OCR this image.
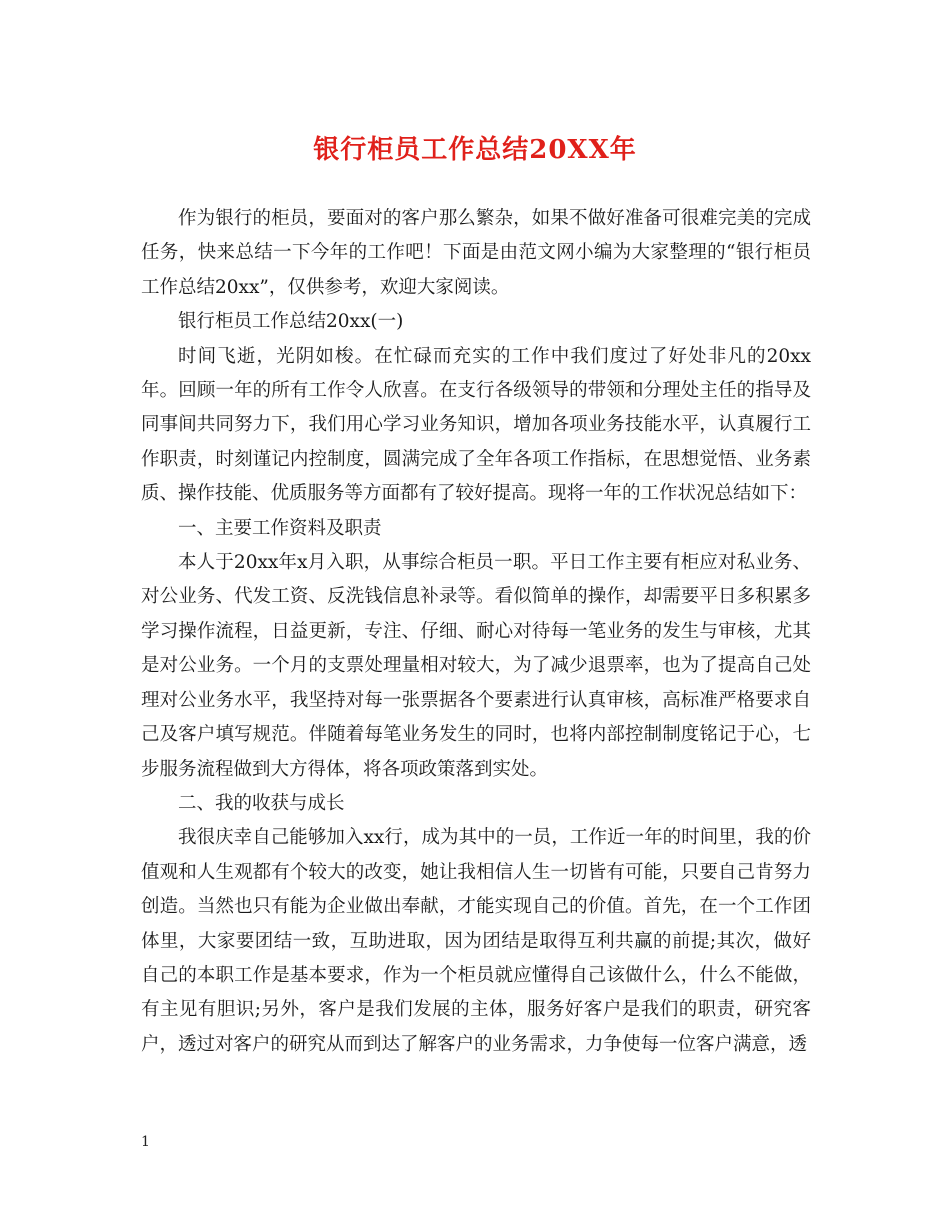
银行柜员工作总结20XX年

作为银行的柜员，要面对的客户那么繁杂，如果不做好准备可很难完美的完成任务，快来总结一下今年的工作吧！下面是由范文网小编为大家整理的“银行柜员工作总结20xx”，仅供参考，欢迎大家阅读。

银行柜员工作总结20xx(一)

时间飞逝，光阴如梭。在忙碌而充实的工作中我们度过了好处非凡的20xx年。回顾一年的所有工作令人欣喜。在支行各级领导的带领和分理处主任的指导及同事间共同努力下，我们用心学习业务知识，增加各项业务技能水平，认真履行工作职责，时刻谨记内控制度，圆满完成了全年各项工作指标，在思想觉悟、业务素质、操作技能、优质服务等方面都有了较好提高。现将一年的工作状况总结如下：

一、主要工作资料及职责

本人于20xx年x月入职，从事综合柜员一职。平日工作主要有柜应对私业务、对公业务、代发工资、反洗钱信息补录等。看似简单的操作，却需要平日多积累多学习操作流程，日益更新，专注、仔细、耐心对待每一笔业务的发生与审核，尤其是对公业务。一个月的支票处理量相对较大，为了减少退票率，也为了提高自己处理对公业务水平，我坚持对每一张票据各个要素进行认真审核，高标准严格要求自己及客户填写规范。伴随着每笔业务发生的同时，也将内部控制制度铭记于心，七步服务流程做到大方得体，将各项政策落到实处。

二、我的收获与成长

我很庆幸自己能够加入xx行，成为其中的一员，工作近一年的时间里，我的价值观和人生观都有个较大的改变，她让我相信人生一切皆有可能，只要自己肯努力创造。当然也只有能为企业做出奉献，才能实现自己的价值。首先，在一个工作团体里，大家要团结一致，互助进取，因为团结是取得互利共赢的前提;其次，做好自己的本职工作是基本要求，作为一个柜员就应懂得自己该做什么，什么不能做，有主见有胆识;另外，客户是我们发展的主体，服务好客户是我们的职责，研究客户，透过对客户的研究从而到达了解客户的业务需求，力争使每一位客户满意，透

1
